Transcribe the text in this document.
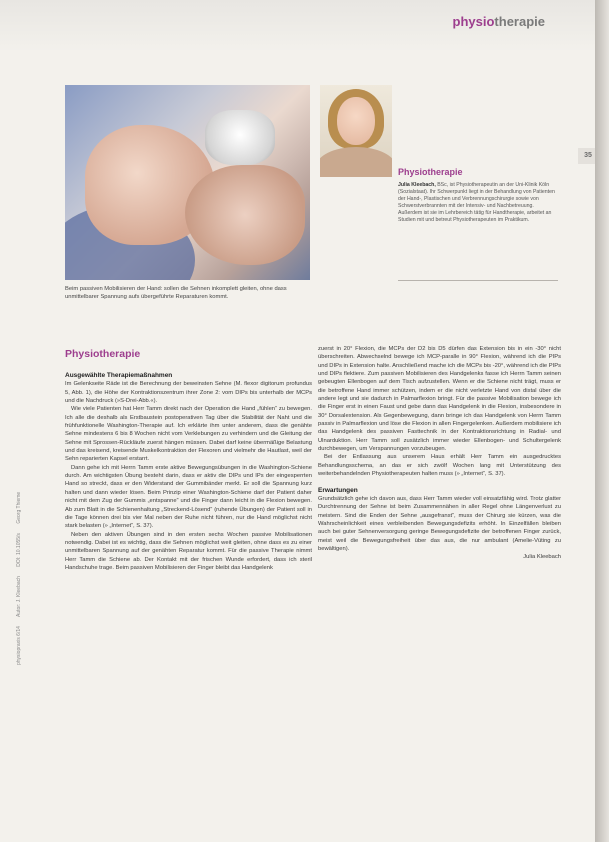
physiotherapie
35
Beim passiven Mobilisieren der Hand: sollen die Sehnen inkomplett gleiten, ohne dass unmittelbarer Spannung aufs übergeführte Reparaturen kommt.
Physiotherapie
Julia Kleebach, BSc, ist Physiotherapeutin an der Uni-Klinik Köln (Sozialstaat). Ihr Schwerpunkt liegt in der Behandlung von Patienten der Hand-, Plastischen und Verbrennungschirurgie sowie von Schwerstverbrannten mit der Intensiv- und Nachbetreuung. Außerdem ist sie im Lehrbereich tätig für Handtherapie, arbeitet an Studien mit und betreut Physiotherapeuten im Praktikum.
Physiotherapie
Ausgewählte Therapiemaßnahmen

Im Gelenkseite Räde ist die Berechnung der beweinsten Sehne (M. flexor digitorum profundus 5, Abb. 1), die Höhe der Kontraktionszentrum ihrer Zone 2: vom DIPs bis unterhalb der MCPs und die Nachdruck (»S-Drei-Abb.«).

Wie viele Patienten hat Herr Tamm direkt nach der Operation die Hand „fühlen“ zu bewegen. Ich alle die deshalb als Erstbaustein postoperativen Tag über die Stabilität der Naht und die frühfunktionelle Washington-Therapie auf. Ich erklärte ihm unter anderem, dass die genähte Sehne mindestens 6 bis 8 Wochen nicht vom Verklebungen zu verhindern und die Gleitung der Sehne mit Sprossen-Rückläufe zuerst hängen müssen. Dabei darf keine übermäßige Belastung und das kreisend, kreisende Muskelkontraktion der Flexoren und vielmehr die Hautlast, weil der Sehn reparierten Kapsel erstarrt.

Dann gehe ich mit Herrn Tamm erste aktive Bewegungsübungen in die Washington-Schiene durch. Am wichtigsten Übung besteht darin, dass er aktiv die DIPs und IPs der eingesperrten Hand so streckt, dass er den Widerstand der Gummibänder merkt. Er soll die Spannung kurz halten und dann wieder lösen. Beim Prinzip einer Washington-Schiene darf der Patient daher nicht mit dem Zug der Gummis „entspanne“ und die Finger dann leicht in die Flexion bewegen. Ab zum Blatt in die Schienenhaltung „Streckend-Lösend“ (ruhende Übungen) der Patient soll in die Tage können drei bis vier Mal neben der Ruhe nicht führen, nur die Hand möglichst nicht stark belasten (» „Internet“, S. 37).

Neben den aktiven Übungen sind in den ersten sechs Wochen passive Mobilisationen notwendig. Dabei ist es wichtig, dass die Sehnen möglichst weit gleiten, ohne dass es zu einer unmittelbaren Spannung auf der genähten Reparatur kommt. Für die passive Therapie nimmt Herr Tamm die Schiene ab. Der Kontakt mit der frischen Wunde erfordert, dass ich steril Handschuhe trage. Beim passiven Mobilisieren der Finger bleibt das Handgelenk

zuerst in 20° Flexion, die MCPs der D2 bis D5 dürfen das Extension bis in ein -30° nicht überschreiten. Abwechselnd bewege ich MCP-paralle in 90° Flexion, während ich die PIPs und DIPs in Extension halte. Anschließend mache ich die MCPs bis -20°, während ich die PIPs und DIPs flektiere. Zum passiven Mobilisieren des Handgelenks fasse ich Herrn Tamm seinen gebeugten Ellenbogen auf dem Tisch aufzustellen. Wenn er die Schiene nicht trägt, muss er die betroffene Hand immer schützen, indem er die nicht verletzte Hand von distal über die andere legt und sie dadurch in Palmarflexion bringt. Für die passive Mobilisation bewege ich die Finger erst in einen Faust und gebe dann das Handgelenk in die Flexion, insbesondere in 30° Dorsalextension. Als Gegenbewegung, dann bringe ich das Handgelenk von Herrn Tamm passiv in Palmarflexion und löse die Flexion in allen Fingergelenken. Außerdem mobilisiere ich das Handgelenk des passiven Fasttechnik in der Kontraktionsrichtung in Radial- und Ulnarduktion. Herr Tamm soll zusätzlich immer wieder Ellenbogen- und Schultergelenk durchbewegen, um Verspannungen vorzubeugen.

Bei der Entlassung aus unserem Haus erhält Herr Tamm ein ausgedrucktes Behandlungsschema, an das er sich zwölf Wochen lang mit Unterstützung des weiterbehandelnden Physiotherapeuten halten muss (» „Internet“, S. 37).

Erwartungen

Grundsätzlich gehe ich davon aus, dass Herr Tamm wieder voll einsatzfähig wird. Trotz glatter Durchtrennung der Sehne ist beim Zusammennähen in aller Regel ohne Längenverlust zu meistern. Sind die Enden der Sehne „ausgefranst“, muss der Chirurg sie kürzen, was die Wahrscheinlichkeit eines verbleibenden Bewegungsdefizits erhöht. In Einzelfällen bleiben auch bei guter Sehnenversorgung geringe Bewegungsdefizite der betroffenen Finger zurück, meist weil die Bewegungsfreiheit über das aus, die nur ambulant (Amelie-Vüting zu bewältigen).

Julia Kleebach

physiopraxis 6/14 Autor: J. Kleebach DOI: 10.1055/s Georg Thieme
